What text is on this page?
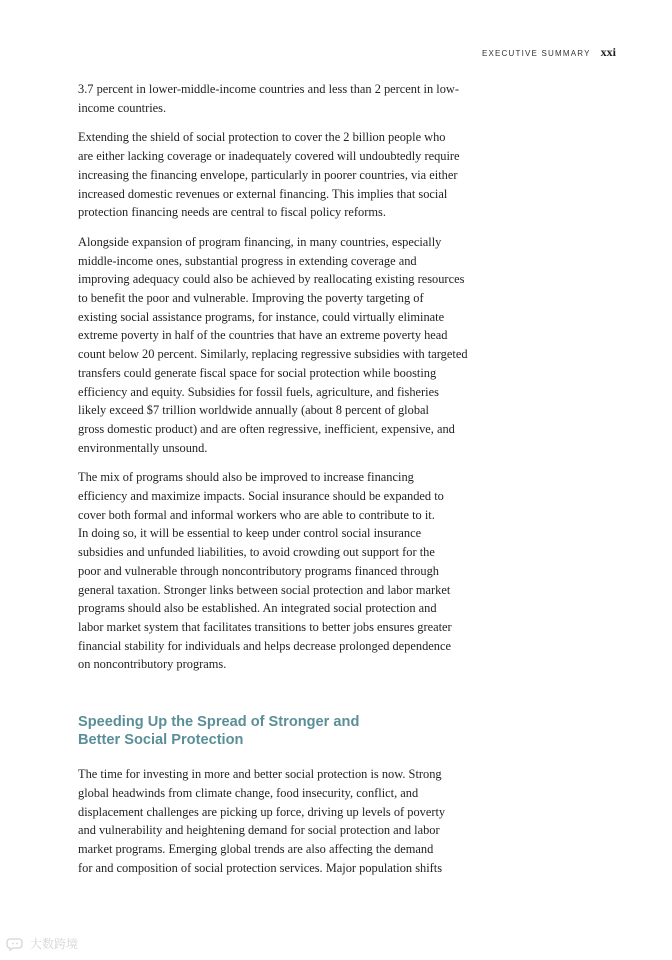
EXECUTIVE SUMMARY xxi

3.7 percent in lower-middle-income countries and less than 2 percent in low-
income countries.

Extending the shield of social protection to cover the 2 billion people who
are either lacking coverage or inadequately covered will undoubtedly require
increasing the financing envelope, particularly in poorer countries, via either
increased domestic revenues or external financing. This implies that social
protection financing needs are central to fiscal policy reforms.

Alongside expansion of program financing, in many countries, especially
middle-income ones, substantial progress in extending coverage and
improving adequacy could also be achieved by reallocating existing resources
to benefit the poor and vulnerable. Improving the poverty targeting of
existing social assistance programs, for instance, could virtually eliminate
extreme poverty in half of the countries that have an extreme poverty head
count below 20 percent. Similarly, replacing regressive subsidies with targeted
transfers could generate fiscal space for social protection while boosting
efficiency and equity. Subsidies for fossil fuels, agriculture, and fisheries
likely exceed $7 trillion worldwide annually (about 8 percent of global
gross domestic product) and are often regressive, inefficient, expensive, and
environmentally unsound.

The mix of programs should also be improved to increase financing
efficiency and maximize impacts. Social insurance should be expanded to
cover both formal and informal workers who are able to contribute to it.
In doing so, it will be essential to keep under control social insurance
subsidies and unfunded liabilities, to avoid crowding out support for the
poor and vulnerable through noncontributory programs financed through
general taxation. Stronger links between social protection and labor market
programs should also be established. An integrated social protection and
labor market system that facilitates transitions to better jobs ensures greater
financial stability for individuals and helps decrease prolonged dependence
on noncontributory programs.

Speeding Up the Spread of Stronger and
Better Social Protection

The time for investing in more and better social protection is now. Strong
global headwinds from climate change, food insecurity, conflict, and
displacement challenges are picking up force, driving up levels of poverty
and vulnerability and heightening demand for social protection and labor
market programs. Emerging global trends are also affecting the demand
for and composition of social protection services. Major population shifts

大数跨境
